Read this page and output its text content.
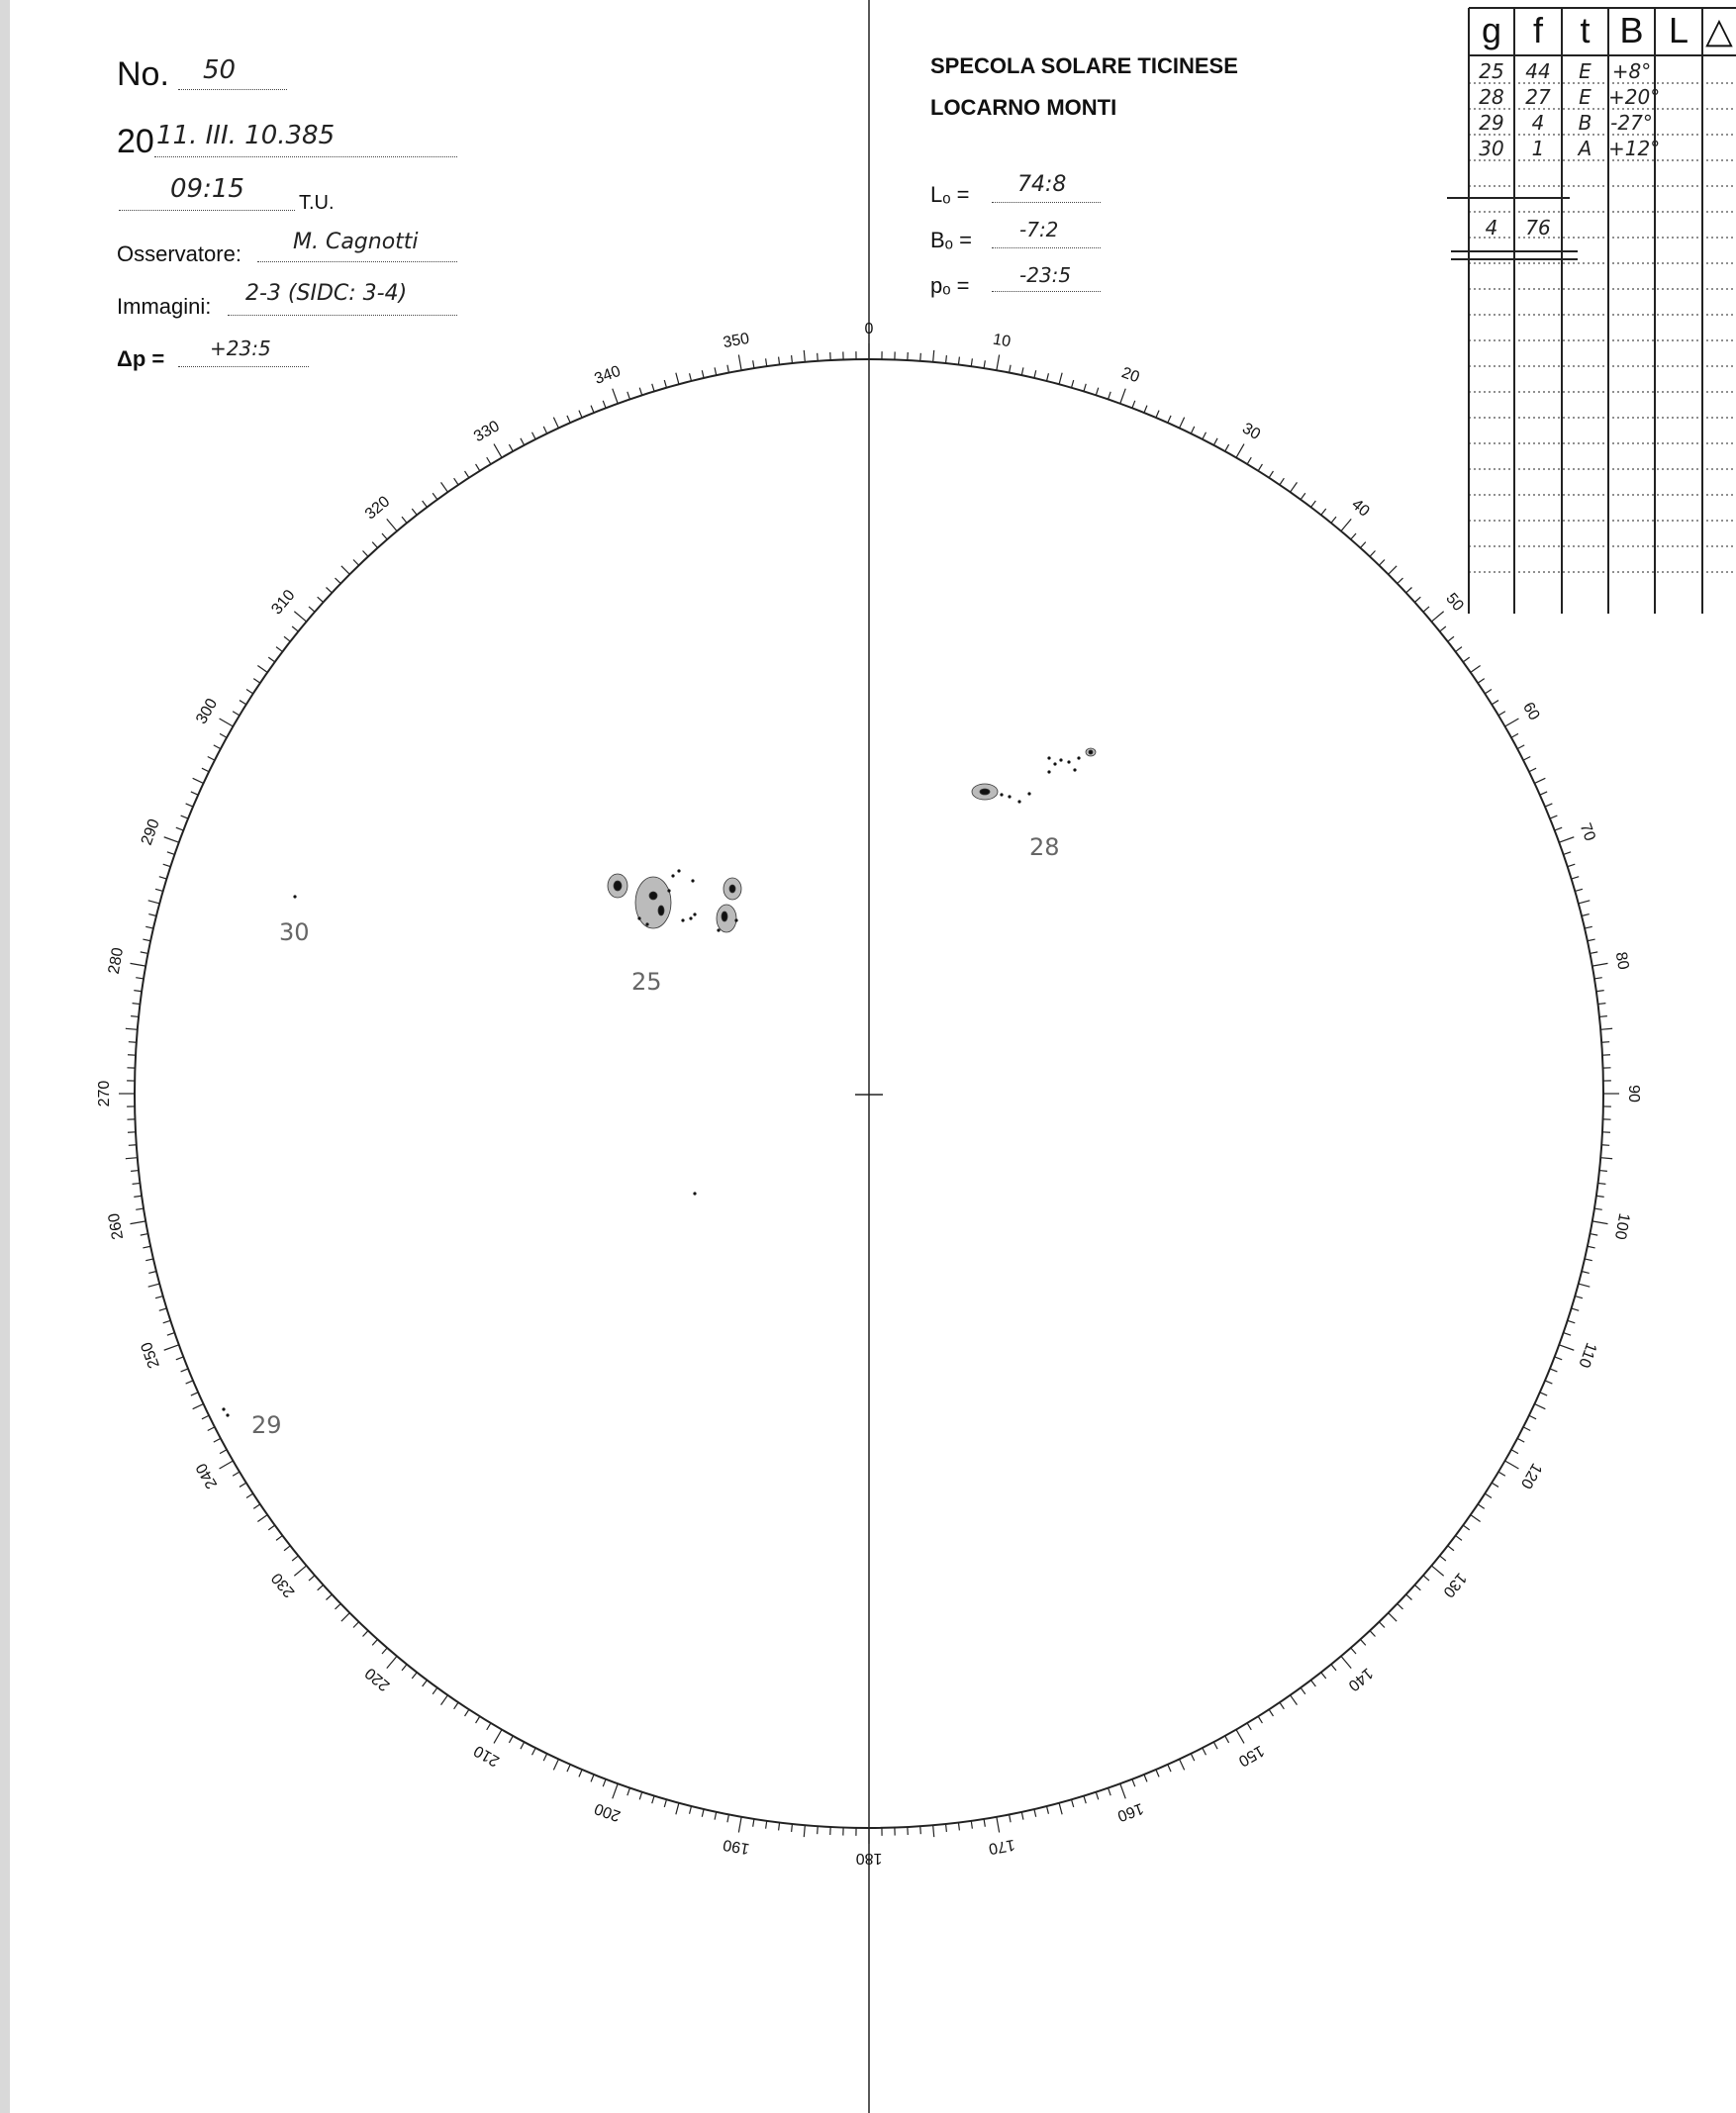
No. 50
20 11. III. 10.385
09:15	T.U.
Osservatore: M. Cagnotti
Immagini:
2-3 (SIDC: 3-4)
Δp = +23:5
SPECOLA SOLARE TICINESE
LOCARNO MONTI
Lₒ = 74:8
Bₒ = -7:2
pₒ =	-23:5
0
10
20
30
40
50
60
70
80
90
100
110
120
130
140
150
160
170
180
190
200
210
220
230
240
250
260
270
280
290
300
310
320
330
340
350
g f	t B L △
25	44	E	+8°
28	27	E +20°
29	4	B -27°
30	1	A +12°
4	76
28
25
30
29
